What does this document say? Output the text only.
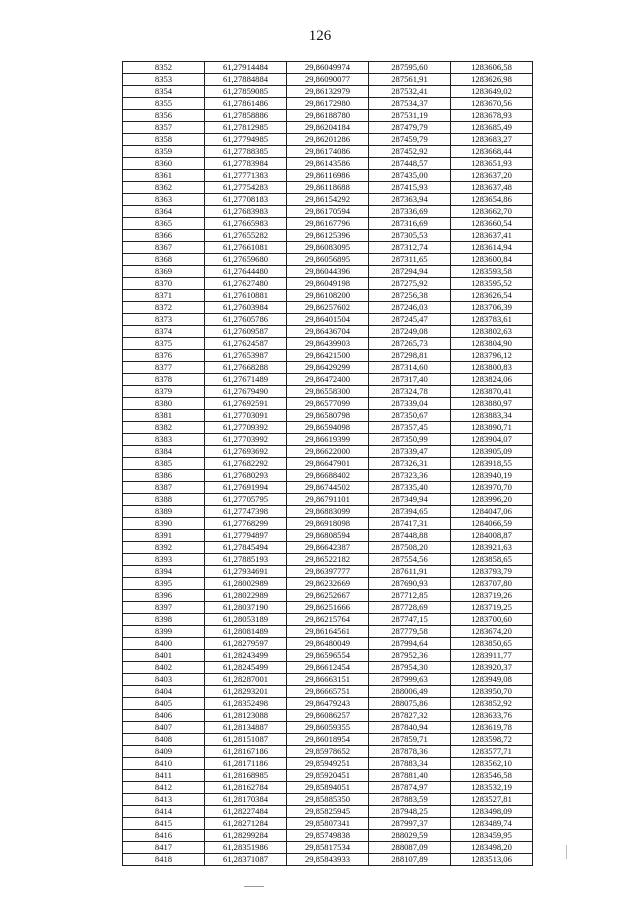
126
8352	61,27914484	29,86049974	287595,60	1283606,58
8353	61,27884884	29,86090077	287561,91	1283626,98
8354	61,27859085	29,86132979	287532,41	1283649,02
8355	61,27861486	29,86172980	287534,37	1283670,56
8356	61,27858886	29,86188780	287531,19	1283678,93
8357	61,27812985	29,86204184	287479,79	1283685,49
8358	61,27794985	29,86201286	287459,79	1283683,27
8359	61,27788385	29,86174086	287452,92	1283668,44
8360	61,27783984	29,86143586	287448,57	1283651,93
8361	61,27771383	29,86116986	287435,00	1283637,20
8362	61,27754283	29,86118688	287415,93	1283637,48
8363	61,27708183	29,86154292	287363,94	1283654,86
8364	61,27683983	29,86170594	287336,69	1283662,70
8365	61,27665983	29,86167796	287316,69	1283660,54
8366	61,27655282	29,86125396	287305,53	1283637,41
8367	61,27661081	29,86083095	287312,74	1283614,94
8368	61,27659680	29,86056895	287311,65	1283600,84
8369	61,27644480	29,86044396	287294,94	1283593,58
8370	61,27627480	29,86049198	287275,92	1283595,52
8371	61,27610881	29,86108200	287256,38	1283626,54
8372	61,27603984	29,86257602	287246,03	1283706,39
8373	61,27605786	29,86401504	287245,47	1283783,61
8374	61,27609587	29,86436704	287249,08	1283802,63
8375	61,27624587	29,86439903	287265,73	1283804,90
8376	61,27653987	29,86421500	287298,81	1283796,12
8377	61,27668288	29,86429299	287314,60	1283800,83
8378	61,27671489	29,86472400	287317,40	1283824,06
8379	61,27679490	29,86558300	287324,78	1283870,41
8380	61,27692591	29,86577099	287339,04	1283880,97
8381	61,27703091	29,86580798	287350,67	1283883,34
8382	61,27709392	29,86594098	287357,45	1283890,71
8383	61,27703992	29,86619399	287350,99	1283904,07
8384	61,27693692	29,86622000	287339,47	1283905,09
8385	61,27682292	29,86647901	287326,31	1283918,55
8386	61,27680293	29,86688402	287323,36	1283940,19
8387	61,27691994	29,86744502	287335,40	1283970,70
8388	61,27705795	29,86791101	287349,94	1283996,20
8389	61,27747398	29,86883099	287394,65	1284047,06
8390	61,27768299	29,86918098	287417,31	1284066,59
8391	61,27794897	29,86808594	287448,88	1284008,87
8392	61,27845494	29,86642387	287508,20	1283921,63
8393	61,27885193	29,86522182	287554,56	1283858,65
8394	61,27934691	29,86397777	287611,91	1283793,79
8395	61,28002989	29,86232669	287690,93	1283707,80
8396	61,28022989	29,86252667	287712,85	1283719,26
8397	61,28037190	29,86251666	287728,69	1283719,25
8398	61,28053189	29,86215764	287747,15	1283700,60
8399	61,28081489	29,86164561	287779,58	1283674,20
8400	61,28279597	29,86480049	287994,64	1283850,65
8401	61,28243499	29,86596554	287952,36	1283911,77
8402	61,28245499	29,86612454	287954,30	1283920,37
8403	61,28287001	29,86663151	287999,63	1283949,08
8404	61,28293201	29,86665751	288006,49	1283950,70
8405	61,28352498	29,86479243	288075,86	1283852,92
8406	61,28123088	29,86086257	287827,32	1283633,76
8407	61,28134887	29,86059355	287840,94	1283619,78
8408	61,28151087	29,86018954	287859,71	1283598,72
8409	61,28167186	29,85978652	287878,36	1283577,71
8410	61,28171186	29,85949251	287883,34	1283562,10
8411	61,28168985	29,85920451	287881,40	1283546,58
8412	61,28162784	29,85894051	287874,97	1283532,19
8413	61,28170384	29,85885350	287883,59	1283527,81
8414	61,28227484	29,85825945	287948,25	1283498,09
8415	61,28271284	29,85807341	287997,37	1283489,74
8416	61,28299284	29,85749838	288029,59	1283459,95
8417	61,28351986	29,85817534	288087,09	1283498,20
8418	61,28371087	29,85843933	288107,89	1283513,06
